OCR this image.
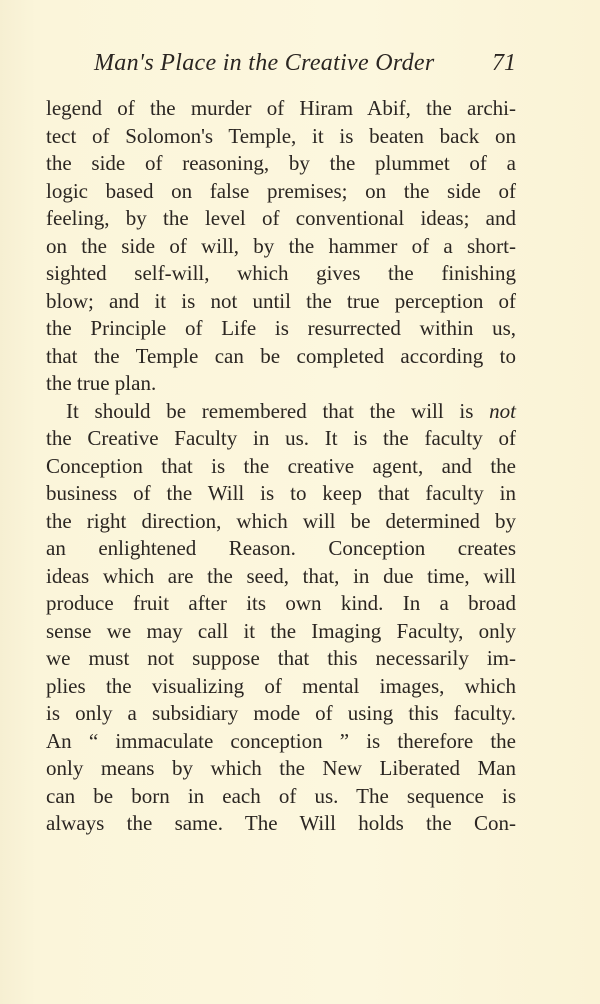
Man's Place in the Creative Order 71
legend of the murder of Hiram Abif, the archi-
tect of Solomon's Temple, it is beaten back on
the side of reasoning, by the plummet of a
logic based on false premises; on the side of
feeling, by the level of conventional ideas; and
on the side of will, by the hammer of a short-
sighted self-will, which gives the finishing
blow; and it is not until the true perception of
the Principle of Life is resurrected within us,
that the Temple can be completed according to
the true plan.
It should be remembered that the will is not
the Creative Faculty in us. It is the faculty of
Conception that is the creative agent, and the
business of the Will is to keep that faculty in
the right direction, which will be determined by
an enlightened Reason. Conception creates
ideas which are the seed, that, in due time, will
produce fruit after its own kind. In a broad
sense we may call it the Imaging Faculty, only
we must not suppose that this necessarily im-
plies the visualizing of mental images, which
is only a subsidiary mode of using this faculty.
An “ immaculate conception ” is therefore the
only means by which the New Liberated Man
can be born in each of us. The sequence is
always the same. The Will holds the Con-
